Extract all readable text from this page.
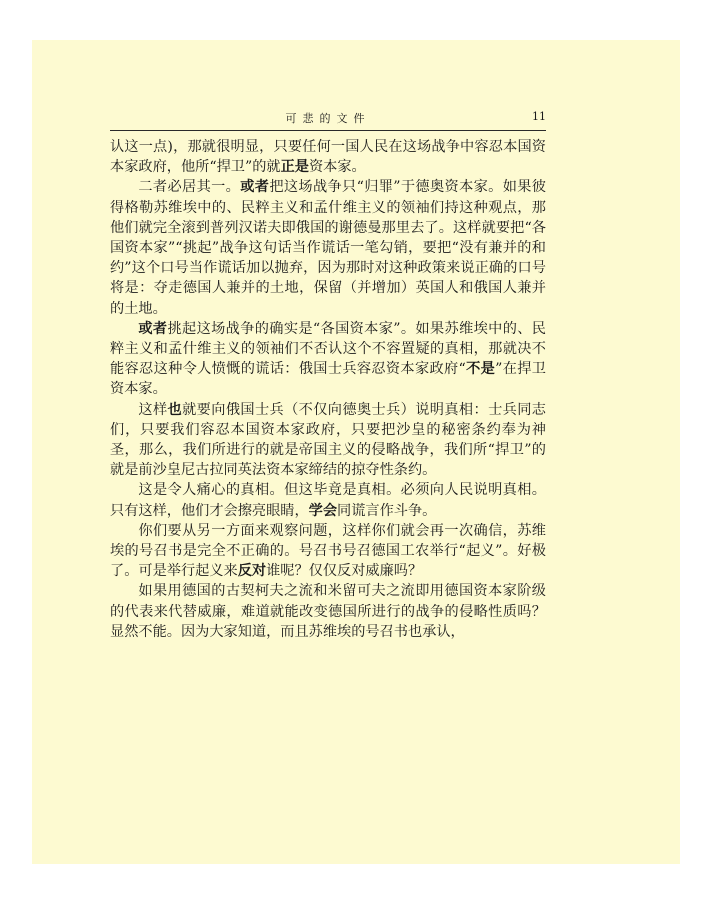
可悲的文件	11

认这一点)，那就很明显，只要任何一国人民在这场战争中容忍本国资本家政府，他所“捍卫”的就正是资本家。

二者必居其一。或者把这场战争只“归罪”于德奥资本家。如果彼得格勒苏维埃中的、民粹主义和孟什维主义的领袖们持这种观点，那他们就完全滚到普列汉诺夫即俄国的谢德曼那里去了。这样就要把“各国资本家”“挑起”战争这句话当作谎话一笔勾销，要把“没有兼并的和约”这个口号当作谎话加以抛弃，因为那时对这种政策来说正确的口号将是：夺走德国人兼并的土地，保留（并增加）英国人和俄国人兼并的土地。

或者挑起这场战争的确实是“各国资本家”。如果苏维埃中的、民粹主义和孟什维主义的领袖们不否认这个不容置疑的真相，那就决不能容忍这种令人愤慨的谎话：俄国士兵容忍资本家政府“不是”在捍卫资本家。

这样也就要向俄国士兵（不仅向德奥士兵）说明真相：士兵同志们，只要我们容忍本国资本家政府，只要把沙皇的秘密条约奉为神圣，那么，我们所进行的就是帝国主义的侵略战争，我们所“捍卫”的就是前沙皇尼古拉同英法资本家缔结的掠夺性条约。

这是令人痛心的真相。但这毕竟是真相。必须向人民说明真相。只有这样，他们才会擦亮眼睛，学会同谎言作斗争。

你们要从另一方面来观察问题，这样你们就会再一次确信，苏维埃的号召书是完全不正确的。号召书号召德国工农举行“起义”。好极了。可是举行起义来反对谁呢？仅仅反对威廉吗？

如果用德国的古契柯夫之流和米留可夫之流即用德国资本家阶级的代表来代替威廉，难道就能改变德国所进行的战争的侵略性质吗？显然不能。因为大家知道，而且苏维埃的号召书也承认，
